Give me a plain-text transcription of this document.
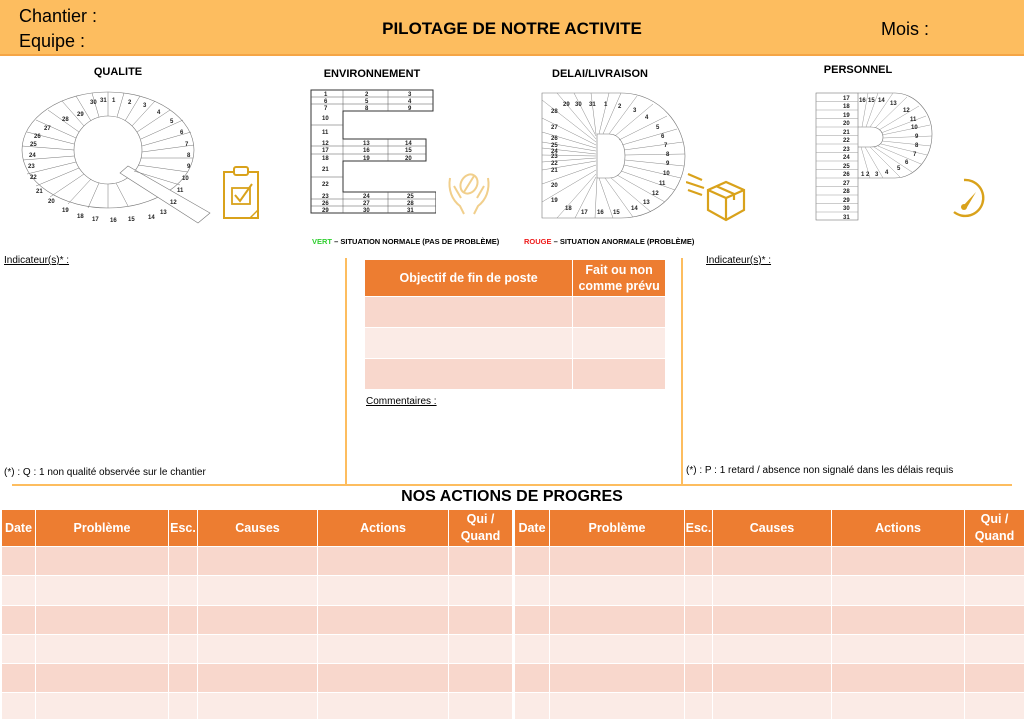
Chantier :
Equipe :
PILOTAGE DE NOTRE ACTIVITE	Mois :
QUALITE	ENVIRONNEMENT	DELAI/LIVRAISON	PERSONNEL
30 31 1 2 3
4
5
6
7
8
9
10
11
12
13
14
15
16
17
18
19
20
21
22
23
24
25
26
27
28
29
1	2	3
6	5	4
7	8	9
10
11
12	13	14
17	16	15
18	19	20
21
22
23	24	25
26	27	28
29	30	31
29 30 31 1 2
3
4
5
6
7
8
9
10
11
12
13
14
15
16
17
18
19
20
21
22
23
24
25
26
27
28
17
18
19
20
21
22
23
24
25
26
27
28
29
30
31
16 15 14 13
12
11
10
9
8
7
6
5
4
3
2
1
VERT – SITUATION NORMALE (PAS DE PROBLÈME)	ROUGE – SITUATION ANORMALE (PROBLÈME)
Indicateur(s)* :
(*) : Q : 1 non qualité observée sur le chantier
Indicateur(s)* :
(*) : P : 1 retard / absence non signalé dans les délais requis
Objectif de fin de poste	Fait ou non comme prévu

Commentaires :
NOS ACTIONS DE PROGRES
Date	Problème	Esc.	Causes	Actions	Qui / Quand

Date	Problème	Esc.	Causes	Actions	Qui / Quand
